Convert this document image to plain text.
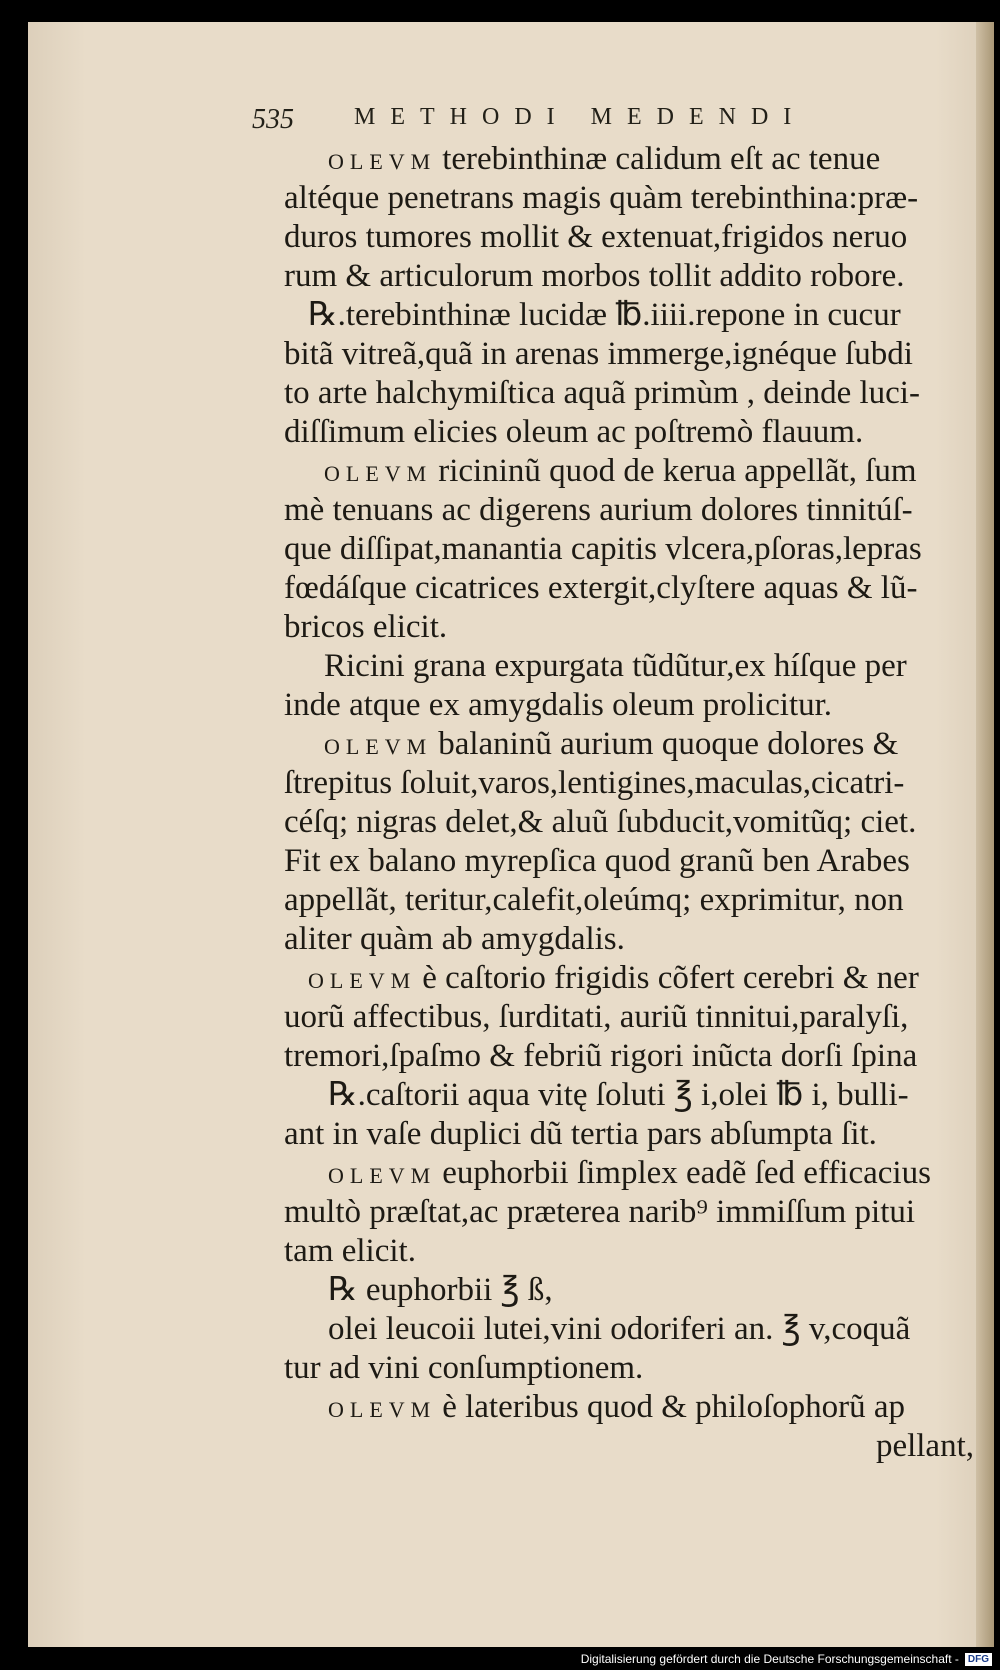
535	METHODI MEDENDI
OLEVM terebinthinæ calidum eſt ac tenue
altéque penetrans magis quàm terebinthina:præ-
duros tumores mollit & extenuat,frigidos neruo
rum & articulorum morbos tollit addito robore.
℞.terebinthinæ lucidæ ℔.iiii.repone in cucur
bitã vitreã,quã in arenas immerge,ignéque ſubdi
to arte halchymiſtica aquã primùm , deinde luci-
diſſimum elicies oleum ac poſtremò flauum.
OLEVM ricininũ quod de kerua appellãt, ſum
mè tenuans ac digerens aurium dolores tinnitúſ-
que diſſipat,manantia capitis vlcera,pſoras,lepras
fœdáſque cicatrices extergit,clyſtere aquas & lũ-
bricos elicit.
Ricini grana expurgata tũdũtur,ex híſque per
inde atque ex amygdalis oleum prolicitur.
OLEVM balaninũ aurium quoque dolores &
ſtrepitus ſoluit,varos,lentigines,maculas,cicatri-
céſq; nigras delet,& aluũ ſubducit,vomitũq; ciet.
Fit ex balano myrepſica quod granũ ben Arabes
appellãt, teritur,calefit,oleúmq; exprimitur, non
aliter quàm ab amygdalis.
OLEVM è caſtorio frigidis cõfert cerebri & ner
uorũ affectibus, ſurditati, auriũ tinnitui,paralyſi,
tremori,ſpaſmo & febriũ rigori inũcta dorſi ſpina
℞.caſtorii aqua vitę ſoluti ℥ i,olei ℔ i, bulli-
ant in vaſe duplici dũ tertia pars abſumpta ſit.
OLEVM euphorbii ſimplex eadẽ ſed efficacius
multò præſtat,ac præterea narib⁹ immiſſum pitui
tam elicit.
℞ euphorbii ℥ ß,
olei leucoii lutei,vini odoriferi an. ℥ v,coquã
tur ad vini conſumptionem.
OLEVM è lateribus quod & philoſophorũ ap
pellant,
Digitalisierung gefördert durch die Deutsche Forschungsgemeinschaft - DFG
